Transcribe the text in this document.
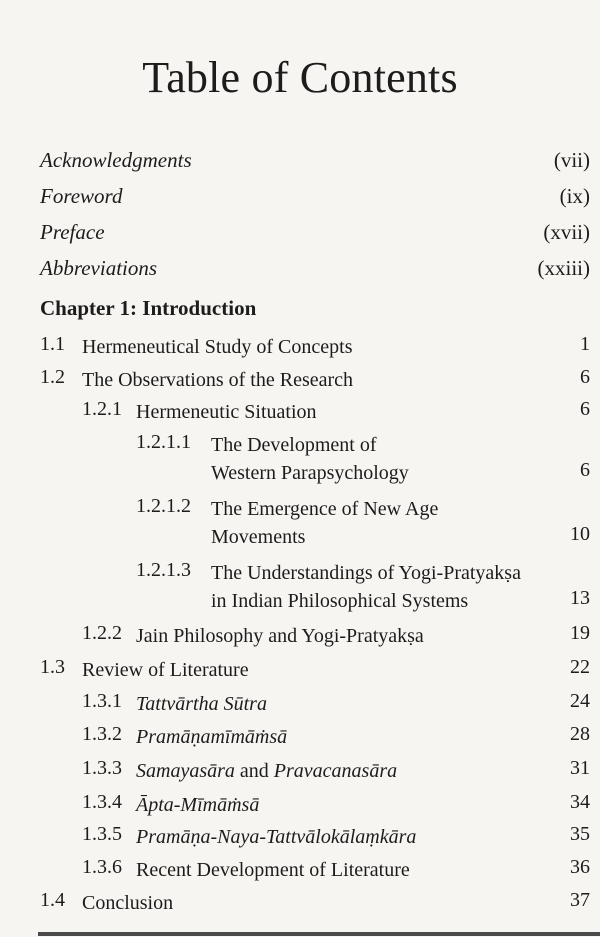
Table of Contents
Acknowledgments	(vii)
Foreword	(ix)
Preface	(xvii)
Abbreviations	(xxiii)
Chapter 1: Introduction
1.1 Hermeneutical Study of Concepts	1
1.2 The Observations of the Research	6
1.2.1 Hermeneutic Situation	6
1.2.1.1 The Development of
Western Parapsychology	6
1.2.1.2 The Emergence of New Age
Movements	10
1.2.1.3 The Understandings of Yogi-Pratyakṣa
in Indian Philosophical Systems	13
1.2.2 Jain Philosophy and Yogi-Pratyakṣa	19
1.3 Review of Literature	22
1.3.1 Tattvārtha Sūtra	24
1.3.2 Pramāṇamīmāṁsā	28
1.3.3 Samayasāra and Pravacanasāra	31
1.3.4 Āpta-Mīmāṁsā	34
1.3.5 Pramāṇa-Naya-Tattvālokālaṃkāra	35
1.3.6 Recent Development of Literature	36
1.4 Conclusion	37
